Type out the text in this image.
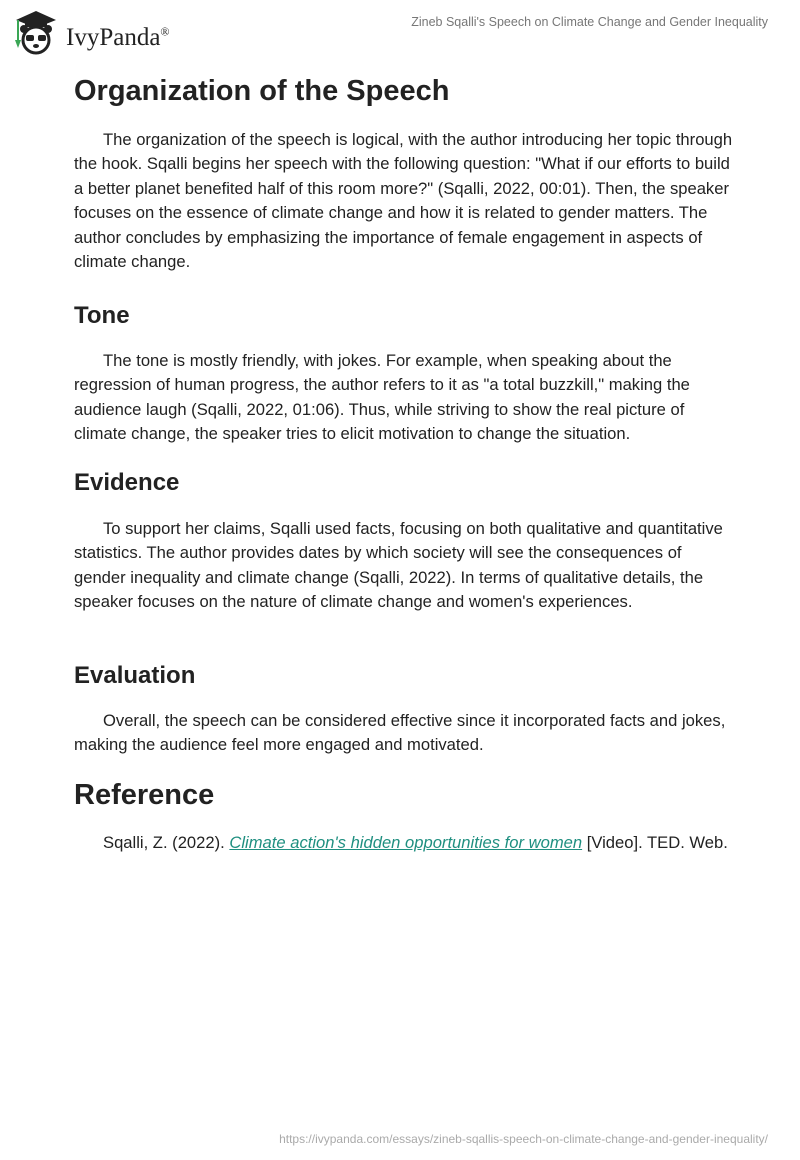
IvyPanda®
Zineb Sqalli's Speech on Climate Change and Gender Inequality
Organization of the Speech

The organization of the speech is logical, with the author introducing her topic through the hook. Sqalli begins her speech with the following question: "What if our efforts to build a better planet benefited half of this room more?" (Sqalli, 2022, 00:01). Then, the speaker focuses on the essence of climate change and how it is related to gender matters. The author concludes by emphasizing the importance of female engagement in aspects of climate change.

Tone

The tone is mostly friendly, with jokes. For example, when speaking about the regression of human progress, the author refers to it as "a total buzzkill," making the audience laugh (Sqalli, 2022, 01:06). Thus, while striving to show the real picture of climate change, the speaker tries to elicit motivation to change the situation.

Evidence

To support her claims, Sqalli used facts, focusing on both qualitative and quantitative statistics. The author provides dates by which society will see the consequences of gender inequality and climate change (Sqalli, 2022). In terms of qualitative details, the speaker focuses on the nature of climate change and women's experiences.

Evaluation

Overall, the speech can be considered effective since it incorporated facts and jokes, making the audience feel more engaged and motivated.

Reference

Sqalli, Z. (2022). Climate action's hidden opportunities for women [Video]. TED. Web.

https://ivypanda.com/essays/zineb-sqallis-speech-on-climate-change-and-gender-inequality/
